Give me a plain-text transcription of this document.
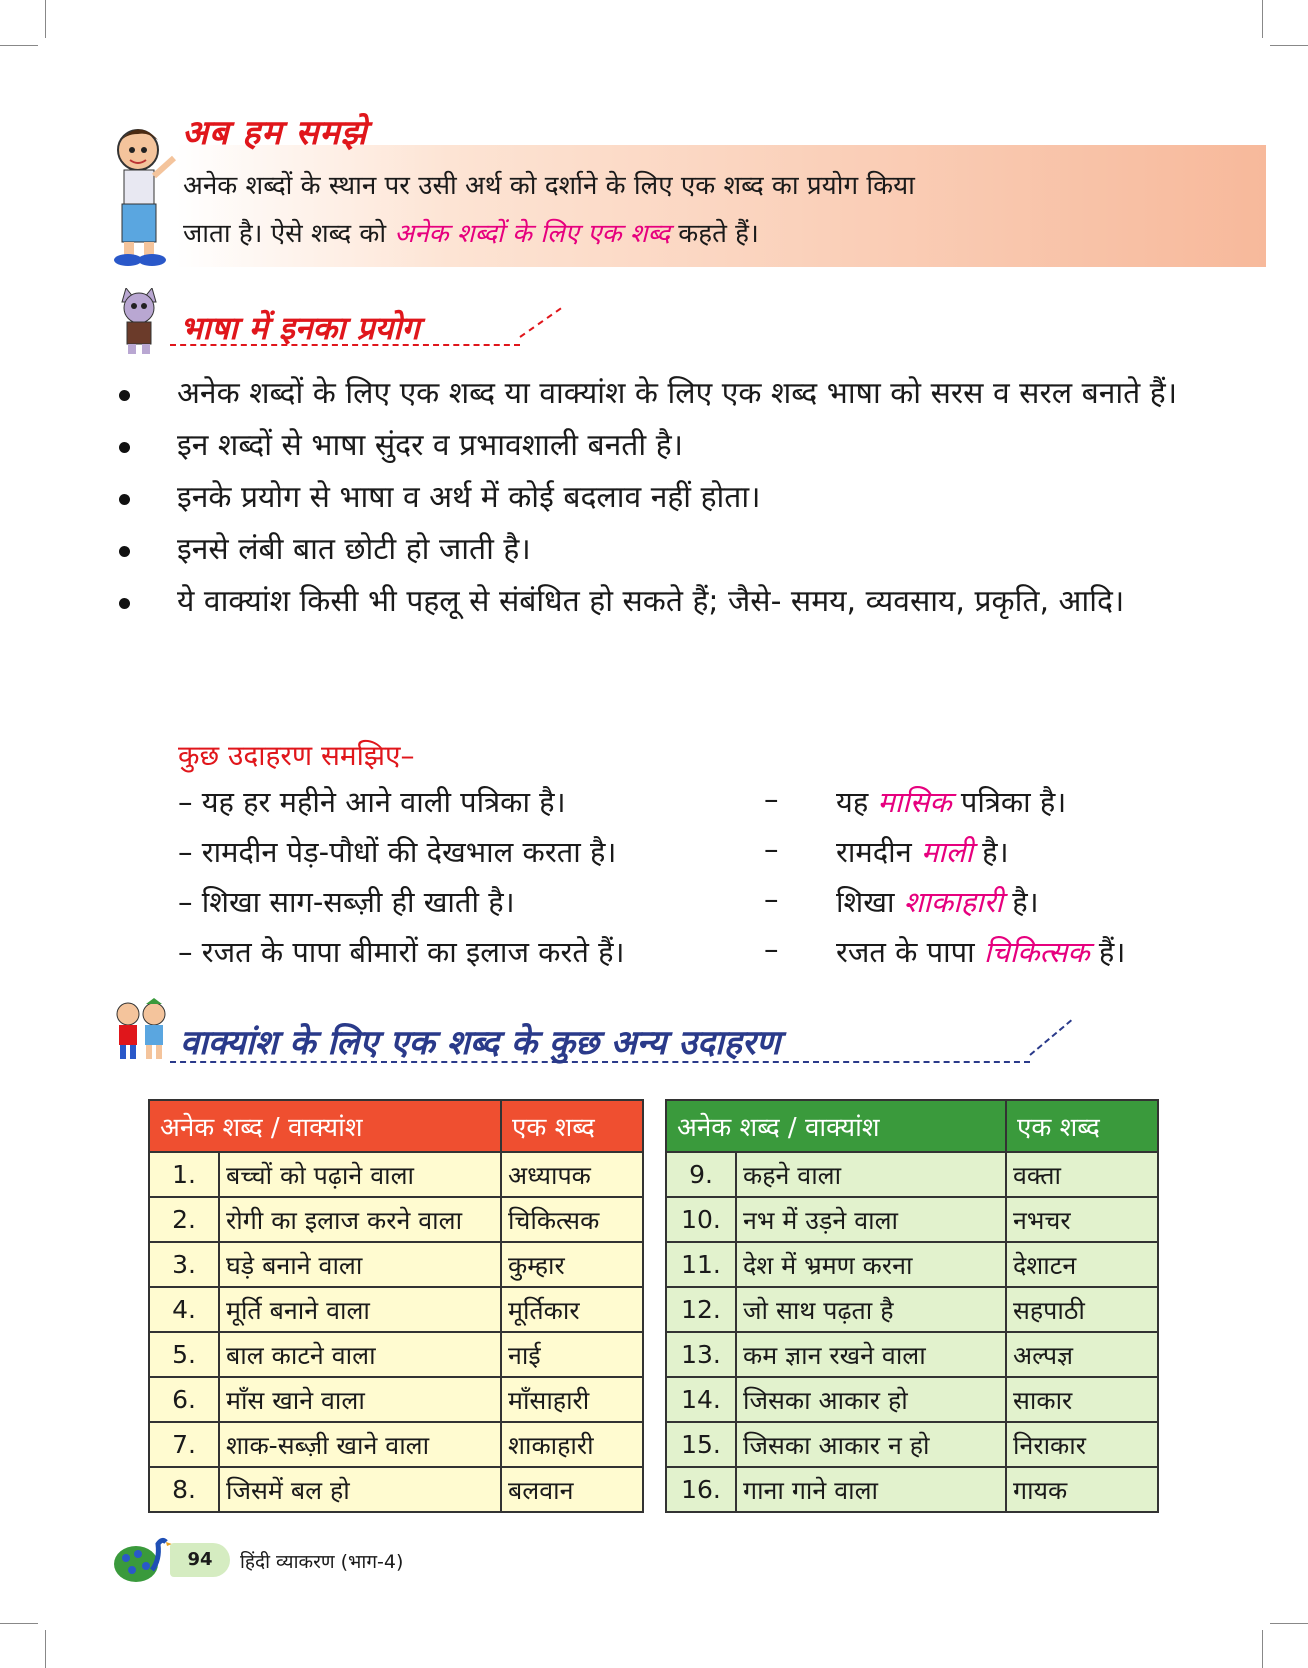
अब हम समझे
अनेक शब्दों के स्थान पर उसी अर्थ को दर्शाने के लिए एक शब्द का प्रयोग किया
जाता है। ऐसे शब्द को अनेक शब्दों के लिए एक शब्द कहते हैं।
भाषा में इनका प्रयोग
अनेक शब्दों के लिए एक शब्द या वाक्यांश के लिए एक शब्द भाषा को सरस व सरल बनाते हैं।
इन शब्दों से भाषा सुंदर व प्रभावशाली बनती है।
इनके प्रयोग से भाषा व अर्थ में कोई बदलाव नहीं होता।
इनसे लंबी बात छोटी हो जाती है।
ये वाक्यांश किसी भी पहलू से संबंधित हो सकते हैं; जैसे- समय, व्यवसाय, प्रकृति, आदि।
कुछ उदाहरण समझिए–
– यह हर महीने आने वाली पत्रिका है।	– यह मासिक पत्रिका है।
– रामदीन पेड़-पौधों की देखभाल करता है।	– रामदीन माली है।
– शिखा साग-सब्ज़ी ही खाती है।	– शिखा शाकाहारी है।
– रजत के पापा बीमारों का इलाज करते हैं।	– रजत के पापा चिकित्सक हैं।
वाक्यांश के लिए एक शब्द के कुछ अन्य उदाहरण
अनेक शब्द / वाक्यांश		एक शब्द
1.	बच्चों को पढ़ाने वाला	अध्यापक
2.	रोगी का इलाज करने वाला	चिकित्सक
3.	घड़े बनाने वाला	कुम्हार
4.	मूर्ति बनाने वाला	मूर्तिकार
5.	बाल काटने वाला	नाई
6.	माँस खाने वाला	माँसाहारी
7.	शाक-सब्ज़ी खाने वाला	शाकाहारी
8.	जिसमें बल हो	बलवान
अनेक शब्द / वाक्यांश		एक शब्द
9.	कहने वाला	वक्ता
10.	नभ में उड़ने वाला	नभचर
11.	देश में भ्रमण करना	देशाटन
12.	जो साथ पढ़ता है	सहपाठी
13.	कम ज्ञान रखने वाला	अल्पज्ञ
14.	जिसका आकार हो	साकार
15.	जिसका आकार न हो	निराकार
16.	गाना गाने वाला	गायक
94	हिंदी व्याकरण (भाग-4)
